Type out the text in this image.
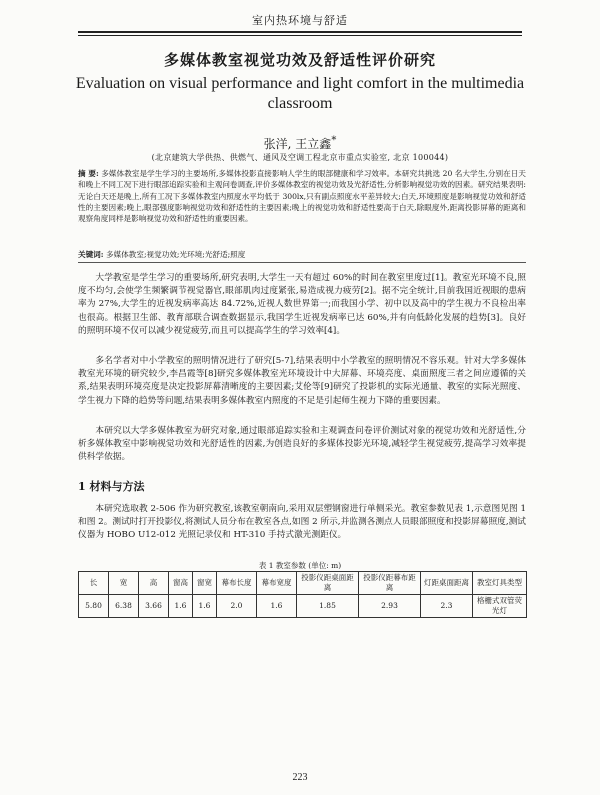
室内热环境与舒适
多媒体教室视觉功效及舒适性评价研究
Evaluation on visual performance and light comfort in the multimedia classroom
张洋, 王立鑫*
(北京建筑大学供热、供燃气、通风及空调工程北京市重点实验室, 北京 100044)
摘 要: 多媒体教室是学生学习的主要场所,多媒体投影直接影响人学生的眼部健康和学习效率。本研究共挑选 20 名大学生,分别在日天和晚上不同工况下进行眼部追踪实验和主观问卷调查,评价多媒体教室的视觉功效及光舒适性,分析影响视觉功效的因素。研究结果表明:无论白天还是晚上,所有工况下多媒体教室内照度水平均低于 300lx,只有副点照度水平差异较大;白天,环境照度是影响视觉功效和舒适性的主要因素;晚上,眼部强度影响视觉功效和舒适性的主要因素;晚上的视觉功效和舒适性要高于白天,除眼度外,距离投影屏幕的距离和观察角度同样是影响视觉功效和舒适性的重要因素。
关键词: 多媒体教室;视觉功效;光环境;光舒适;照度

大学教室是学生学习的重要场所,研究表明,大学生一天有超过 60%的时间在教室里度过[1]。教室光环境不良,照度不均匀,会使学生频繁调节视觉器官,眼部肌肉过度紧张,易造成视力疲劳[2]。据不完全统计,目前我国近视眼的患病率为 27%,大学生的近视发病率高达 84.72%,近视人数世界第一;而我国小学、初中以及高中的学生视力不良检出率也很高。根据卫生部、教育部联合调查数据显示,我国学生近视发病率已达 60%,并有向低龄化发展的趋势[3]。良好的照明环境不仅可以减少视觉疲劳,而且可以提高学生的学习效率[4]。

多名学者对中小学教室的照明情况进行了研究[5-7],结果表明中小学教室的照明情况不容乐观。针对大学多媒体教室光环境的研究较少,李昌霞等[8]研究多媒体教室光环境设计中大屏幕、环境亮度、桌面照度三者之间应遵循的关系,结果表明环境亮度是决定投影屏幕清晰度的主要因素;艾伦等[9]研究了投影机的实际光通量、教室的实际光照度、学生视力下降的趋势等问题,结果表明多媒体教室内照度的不足是引起师生视力下降的重要因素。

本研究以大学多媒体教室为研究对象,通过眼部追踪实验和主观调查问卷评价测试对象的视觉功效和光舒适性,分析多媒体教室中影响视觉功效和光舒适性的因素,为创造良好的多媒体投影光环境,减轻学生视觉疲劳,提高学习效率提供科学依据。

1 材料与方法

本研究选取教 2-506 作为研究教室,该教室朝南向,采用双层塑钢窗进行单侧采光。教室参数见表 1,示意图见图 1 和图 2。测试时打开投影仪,将测试人员分布在教室各点,如图 2 所示,并监测各测点人员眼部照度和投影屏幕照度,测试仪器为 HOBO U12-012 光照记录仪和 HT-310 手持式激光测距仪。

表 1 教室参数 (单位: m)
长	宽	高	窗高	窗宽	幕布长度	幕布宽度	投影仪距桌面距离	投影仪距幕布距离	灯距桌面距离	教室灯具类型
5.80	6.38	3.66	1.6	1.6	2.0	1.6	1.85	2.93	2.3	格栅式双管荧光灯
223
